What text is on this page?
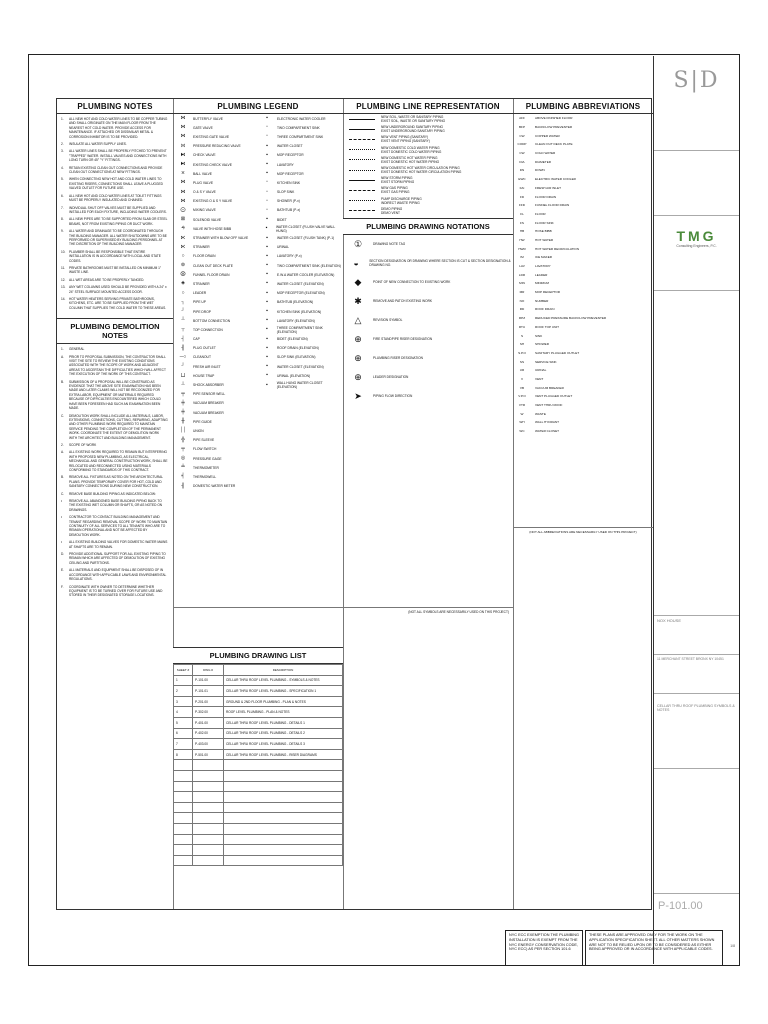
PLUMBING NOTES
1. ALL NEW HOT AND COLD WATER LINES TO BE COPPER TUBING AND SHALL ORIGINATE ON THE MAIN FLOOR FROM THE NEAREST HOT COLD WATER. PROVIDE ACCESS FOR MAINTENANCE. IF ATTACHED OR DISSIMILAR METAL & CORROSION INHIBITOR IS TO BE PROVIDED.
2. INSULATE ALL WATER SUPPLY LINES.
3. ALL WATER LINES SHALL BE PROPERLY PITCHED TO PREVENT "TRAPPED" WATER. INSTALL VALVES AND CONNECTIONS WITH LONG TURN OR 45° "Y" FITTINGS.
4. RETAIN EXISTING CLEAN OUT CONNECTIONS AND PROVIDE CLEAN OUT CONNECTIONS AT NEW FITTINGS.
5. WHEN CONNECTING NEW HOT AND COLD WATER LINES TO EXISTING RISERS, CONNECTIONS SHALL LEAVE A PLUGGED VALVED OUTLET FOR FUTURE USE.
6. ALL NEW HOT AND COLD WATER LINES AT TOILET FITTINGS MUST BE PROPERLY INSULATED AND CHAINED.
7. INDIVIDUAL SHUT OFF VALVES MUST BE SUPPLIED AND INSTALLED FOR EACH FIXTURE, INCLUDING WATER COOLERS.
8. ALL NEW PIPES ARE TO BE SUPPORTED FROM SLAB OR STEEL BEAMS, NOT FROM EXISTING PIPING OR DUCT WORK.
9. ALL WATER AND DRAINAGE TO BE COORDINATED THROUGH THE BUILDING MANAGER. ALL WATER SHUTDOWNS ARE TO BE PERFORMED OR SUPERVISED BY BUILDING PERSONNEL AT THE DISCRETION OF THE BUILDING MANAGER.
10. PLUMBER SHALL BE RESPONSIBLE THAT ENTIRE INSTALLATION IS IN ACCORDANCE WITH LOCAL AND STATE CODES.
11. PRIVATE BATHROOMS MUST BE INSTALLED ON MINIMUM 1" WASTE LINE.
12. ALL WET AREAS ARE TO BE PROPERLY TANGED.
13. ANY WET COLUMNS USED SHOULD BE PROVIDED WITH A 24" x 24" STEEL SURFACE MOUNTED ACCESS DOOR.
14. HOT WATER HEATERS SERVING PRIVATE BATHROOMS, KITCHENS, ETC. ARE TO BE SUPPLIED FROM THE WET COLUMN THAT SUPPLIES THE COLD WATER TO THESE AREAS.
PLUMBING DEMOLITION NOTES
1. GENERAL
A. PRIOR TO PROPOSAL SUBMISSION, THE CONTRACTOR SHALL VISIT THE SITE TO REVIEW THE EXISTING CONDITIONS ASSOCIATED WITH THE SCOPE OF WORK AND ADJACENT AREAS TO ASCERTAIN THE DIFFICULTIES WHICH WILL AFFECT THE EXECUTION OF THE WORK OF THIS CONTRACT.
B. SUBMISSION OF A PROPOSAL WILL BE CONSTRUED AS EVIDENCE THAT THE ABOVE SITE EXAMINATION HAS BEEN MADE AND LATER CLAIMS WILL NOT BE RECOGNIZED FOR EXTRA LABOR, EQUIPMENT OR MATERIALS REQUIRED BECAUSE OF DIFFICULTIES ENCOUNTERED WHICH COULD HAVE BEEN FORESEEN HAD SUCH AN EXAMINATION BEEN MADE.
C. DEMOLITION WORK SHALL INCLUDE ALL MATERIALS, LABOR, EXTENSIONS, CONNECTIONS, CUTTING, REPAIRING, ADAPTING AND OTHER PLUMBING WORK REQUIRED TO MAINTAIN SERVICE PENDING THE COMPLETION OF THE PERMANENT WORK. COORDINATE THE EXTENT OF DEMOLITION WORK WITH THE ARCHITECT AND BUILDING MANAGEMENT.
2. SCOPE OF WORK
A. ALL EXISTING WORK REQUIRED TO REMAIN BUT INTERFERING WITH PROPOSED NEW PLUMBING, AS ELECTRICAL, MECHANICAL AND GENERAL CONSTRUCTION WORK, SHALL BE RELOCATED AND RECONNECTED USING MATERIALS CONFORMING TO STANDARDS OF THIS CONTRACT.
B. REMOVE ALL FIXTURES AS NOTED ON THE ARCHITECTURAL PLANS. PROVIDE TEMPORARY COVER FOR HOT, COLD AND SANITARY CONNECTIONS DURING NEW CONSTRUCTION.
C. REMOVE BASE BUILDING PIPING AS INDICATED BELOW:
• REMOVE ALL ABANDONED BASE BUILDING PIPING BACK TO THE EXISTING WET COLUMN OR SHAFTS, OR AS NOTED ON DRAWINGS.
• CONTRACTOR TO CONTACT BUILDING MANAGEMENT AND TENANT REGARDING REMOVAL SCOPE OF WORK TO MAINTAIN CONTINUITY OF ALL SERVICES TO ALL TENANTS WHO ARE TO REMAIN OPERATIONAL AND NOT BE AFFECTED BY DEMOLITION WORK.
• ALL EXISTING BUILDING VALVES FOR DOMESTIC WATER MAINS AT SHAFTS ARE TO REMAIN.
D. PROVIDE ADDITIONAL SUPPORT FOR ALL EXISTING PIPING TO REMAIN WHICH ARE AFFECTED OF DEMOLITION OF EXISTING CEILING AND PARTITIONS.
E. ALL MATERIALS AND EQUIPMENT SHALL BE DISPOSED OF IN ACCORDANCE WITH APPLICABLE LAWS AND ENVIRONMENTAL REGULATIONS.
F. COORDINATE WITH OWNER TO DETERMINE WHETHER EQUIPMENT IS TO BE TURNED OVER FOR FUTURE USE AND STORED IN THEIR DESIGNATED STORAGE LOCATIONS.
PLUMBING LEGEND
⋈	BUTTERFLY VALVE
⋈	GATE VALVE
⋈	EXISTING GATE VALVE
⨝	PRESSURE REDUCING VALVE
⧑	CHECK VALVE
⧑	EXISTING CHECK VALVE
⨯	BALL VALVE
⋈	PLUG VALVE
⋈	O & S Y VALVE
⋈	EXISTING O & S Y VALVE
⨀	MIXING VALVE
⊠	SOLENOID VALVE
⨮	VALVE WITH HOSE BIBB
⋉	STRAINER WITH BLOW OFF VALVE
⋉	STRAINER
○	FLOOR DRAIN
⊚	CLEAN OUT DECK PLATE
⨂	FUNNEL FLOOR DRAIN
◈	STRAINER
○	LEADER
┐	PIPE UP
┘	PIPE DROP
┴	BOTTOM CONNECTION
┬	TOP CONNECTION
┤	CAP
╢	PLUG OUTLET
─○	CLEANOUT
┘	FRESH AIR INLET
⨆	HOUSE TRAP
┴	SHOCK ABSORBER
╤	PIPE SENSOR WELL
╪	VACUUM BREAKER
╪	VACUUM BREAKER
╫	PIPE GUIDE
││	UNION
╬	PIPE SLEEVE
╤	FLOW SWITCH
◎	PRESSURE GAGE
╧	THERMOMETER
╡	THERMOWELL
╢	DOMESTIC WATER METER
▪	ELECTRONIC WATER COOLER
▫	TWO COMPARTMENT SINK
▫	THREE COMPARTMENT SINK
▪	WATER CLOSET
▪	MOP RECEPTOR
▪	LAVATORY
▪	MOP RECEPTOR
▫	KITCHEN SINK
▫	SLOP SINK
▫	SHOWER (P-x)
▫	BATHTUB (P-x)
▪	BIDET
▪	WATER CLOSET (FLUSH VALVE WALL HUNG)
▪	WATER CLOSET (FLUSH TANK) (P-1)
▪	URINAL
▪	LAVATORY (P-x)
▪	TWO COMPARTMENT SINK (ELEVATION)
▪	E.W.A WATER COOLER (ELEVATION)
▪	WATER CLOSET (ELEVATION)
▪	MOP RECEPTOR (ELEVATION)
▪	BATHTUB (ELEVATION)
▪	KITCHEN SINK (ELEVATION)
▪	LAVATORY (ELEVATION)
▪	THREE COMPARTMENT SINK (ELEVATION)
▪	BIDET (ELEVATION)
▪	ROOF DRAIN (ELEVATION)
▪	SLOP SINK (ELEVATION)
▪	WATER CLOSET (ELEVATION)
▪	URINAL (ELEVATION)
▪	WALL HUNG WATER CLOSET (ELEVATION)
PLUMBING LINE REPRESENTATION
NEW SOIL, WASTE OR SANITARY PIPING
EXIST SOIL, WASTE OR SANITARY PIPING
NEW UNDERGROUND SANITARY PIPING
EXIST UNDERGROUND SANITARY PIPING
NEW VENT PIPING (SANITARY)
EXIST VENT PIPING (SANITARY)
NEW DOMESTIC COLD WATER PIPING
EXIST DOMESTIC COLD WATER PIPING
NEW DOMESTIC HOT WATER PIPING
EXIST DOMESTIC HOT WATER PIPING
NEW DOMESTIC HOT WATER CIRCULATION PIPING
EXIST DOMESTIC HOT WATER CIRCULATION PIPING
NEW STORM PIPING
EXIST STORM PIPING
NEW GAS PIPING
EXIST GAS PIPING
PUMP DISCHARGE PIPING
INDIRECT WASTE PIPING
DEMO PIPING
DEMO VENT
PLUMBING DRAWING NOTATIONS
①	DRAWING NOTE TAG
◒	SECTION DESIGNATION OR DRAWING WHERE SECTION IS CUT & SECTION DESIGNATION & DRAWING NO.
◆	POINT OF NEW CONNECTION TO EXISTING WORK
✱	REMOVE AND PATCH EXISTING WORK
△	REVISION SYMBOL
⊕	FIRE STANDPIPE RISER DESIGNATION
⊕	PLUMBING RISER DESIGNATION
⊕	LEADER DESIGNATION
➤	PIPING FLOW DIRECTION
PLUMBING ABBREVIATIONS
AFF	ABOVE FINISHED FLOOR
BFP	BACKFLOW PREVENTER
CW	COPPER WATER
CODP	CLEAN OUT DECK PLATE
CW	COLD WATER
DIA	DIAMETER
DN	DOWN
EWC	ELECTRIC WATER COOLER
FAI	FRESH AIR INLET
FD	FLOOR DRAIN
FFD	FUNNEL FLOOR DRAIN
FL	FLOOR
FS	FLOOR SINK
HB	HOSE BIBB
HW	HOT WATER
HWR	HOT WATER RECIRCULATION
IM	ICE MAKER
LAV	LAVATORY
LDR	LEADER
MIN	MINIMUM
MR	MOP RECEPTOR
NO	NUMBER
RD	ROOF DRAIN
RPZ	REDUCED PRESSURE BACKFLOW PREVENTER
RTU	ROOF TOP UNIT
S	SINK
SH	SHOWER
S.P.O	SANITARY PLUGGED OUTLET
SS	SERVICE SINK
UR	URINAL
V	VENT
VB	VACUUM BREAKER
V.P.O	VENT PLUGGED OUTLET
VTR	VENT THRU ROOF
W	WASTE
WH	WALL HYDRANT
WC	WATER CLOSET
(NOT ALL SYMBOLS ARE NECESSARILY USED ON THIS PROJECT)
(NOT ALL ABBREVIATIONS ARE NECESSARILY USED ON THIS PROJECT)
PLUMBING DRAWING LIST
SHEET #	DWG #	DESCRIPTION
1	P-101.00	CELLAR THRU ROOF LEVEL PLUMBING - SYMBOLS & NOTES
2	P-101.01	CELLAR THRU ROOF LEVEL PLUMBING - SPECIFICATION 1
3	P-201.00	GROUND & 2ND FLOOR PLUMBING - PLAN & NOTES
4	P-302.00	ROOF LEVEL PLUMBING - PLAN & NOTES
5	P-401.00	CELLAR THRU ROOF LEVEL PLUMBING - DETAILS 1
6	P-402.00	CELLAR THRU ROOF LEVEL PLUMBING - DETAILS 2
7	P-403.00	CELLAR THRU ROOF LEVEL PLUMBING - DETAILS 3
8	P-501.00	CELLAR THRU ROOF LEVEL PLUMBING - RISER DIAGRAMS

NYC ECC EXEMPTION THE PLUMBING INSTALLATION IS EXEMPT FROM THE NYC ENERGY CONSERVATION CODE, NYC ECC) AS PER SECTION 101.6
THESE PLANS ARE APPROVED ONLY FOR THE WORK ON THE APPLICATION SPECIFICATION SHEET. ALL OTHER MATTERS SHOWN ARE NOT TO BE RELIED UPON OR TO BE CONSIDERED AS EITHER BEING APPROVED OR IN ACCORDANCE WITH APPLICABLE CODES.
S|D
TMG
Consulting Engineers, P.C.
NOX HOUSE
11 MERCHANT STREET BRONX NY 10451
CELLAR THRU ROOF PLUMBING SYMBOLS & NOTES
P-101.00
1/8
